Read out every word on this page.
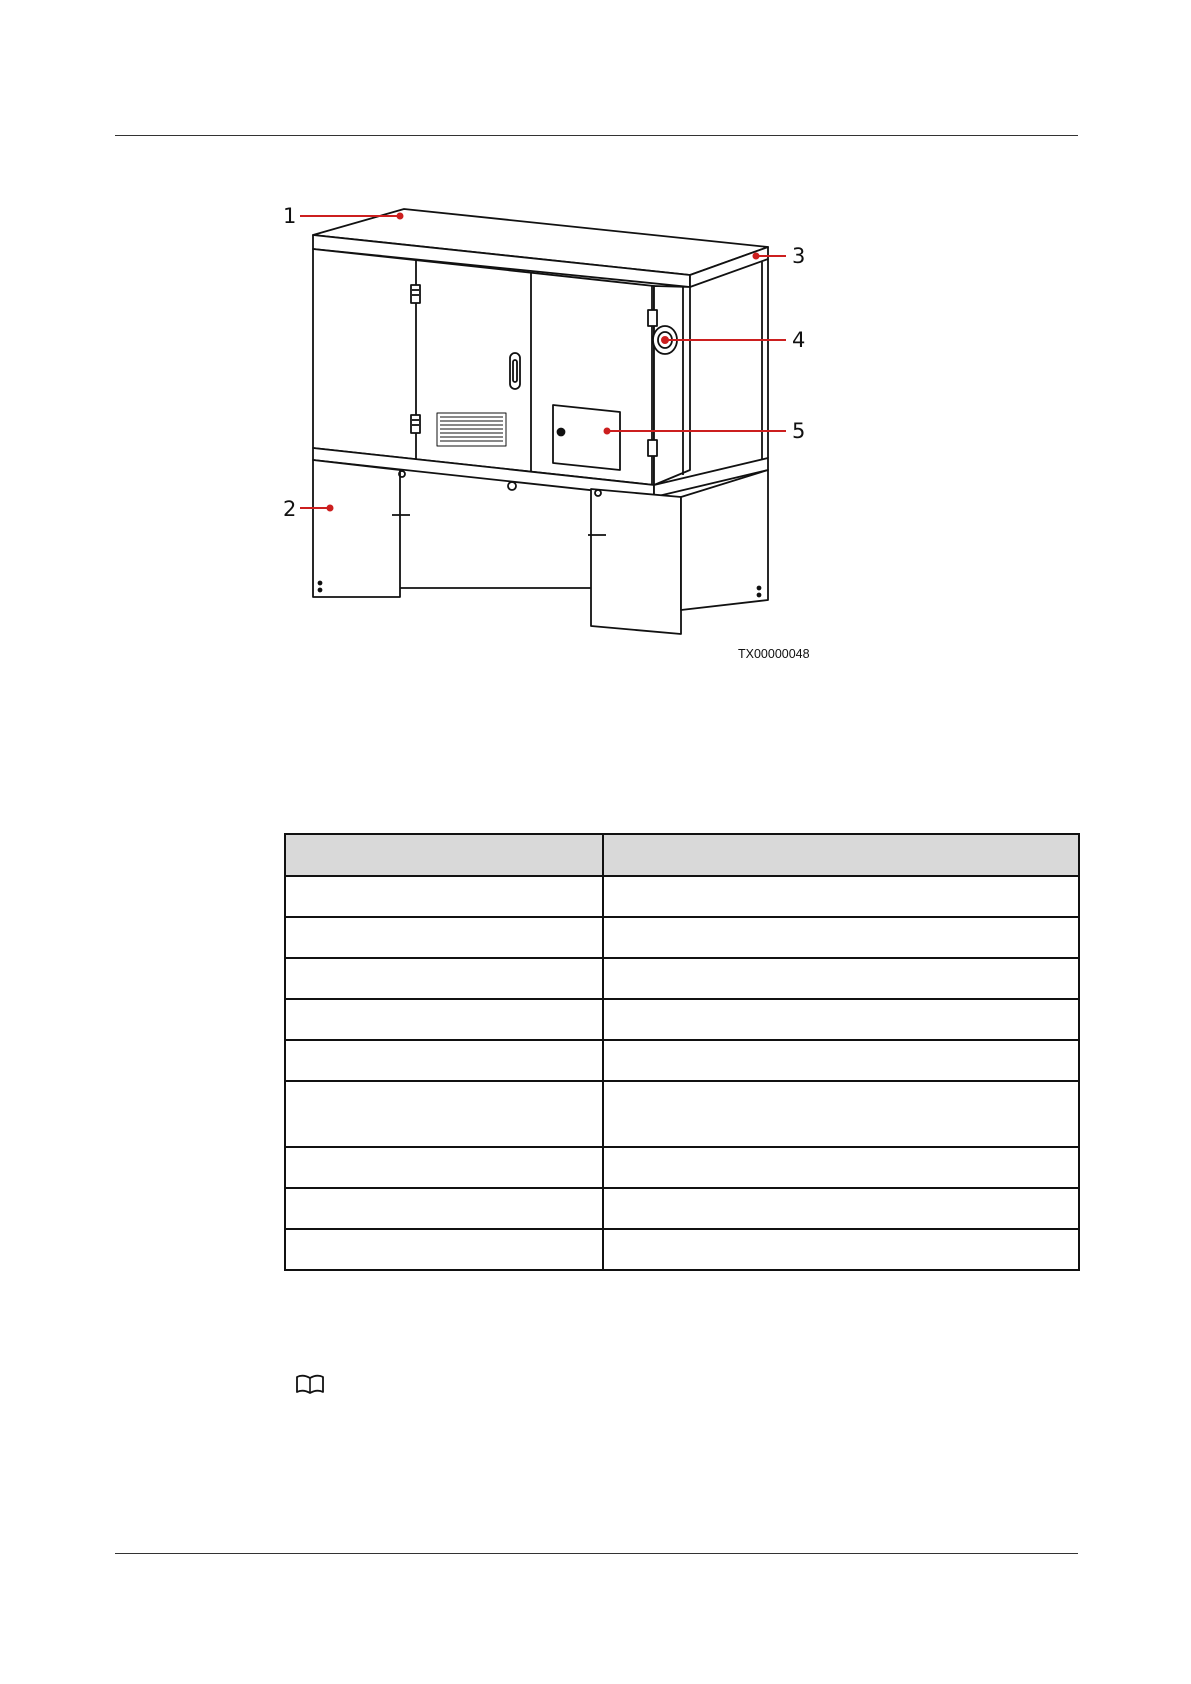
1
2
3
4
5
TX00000048
